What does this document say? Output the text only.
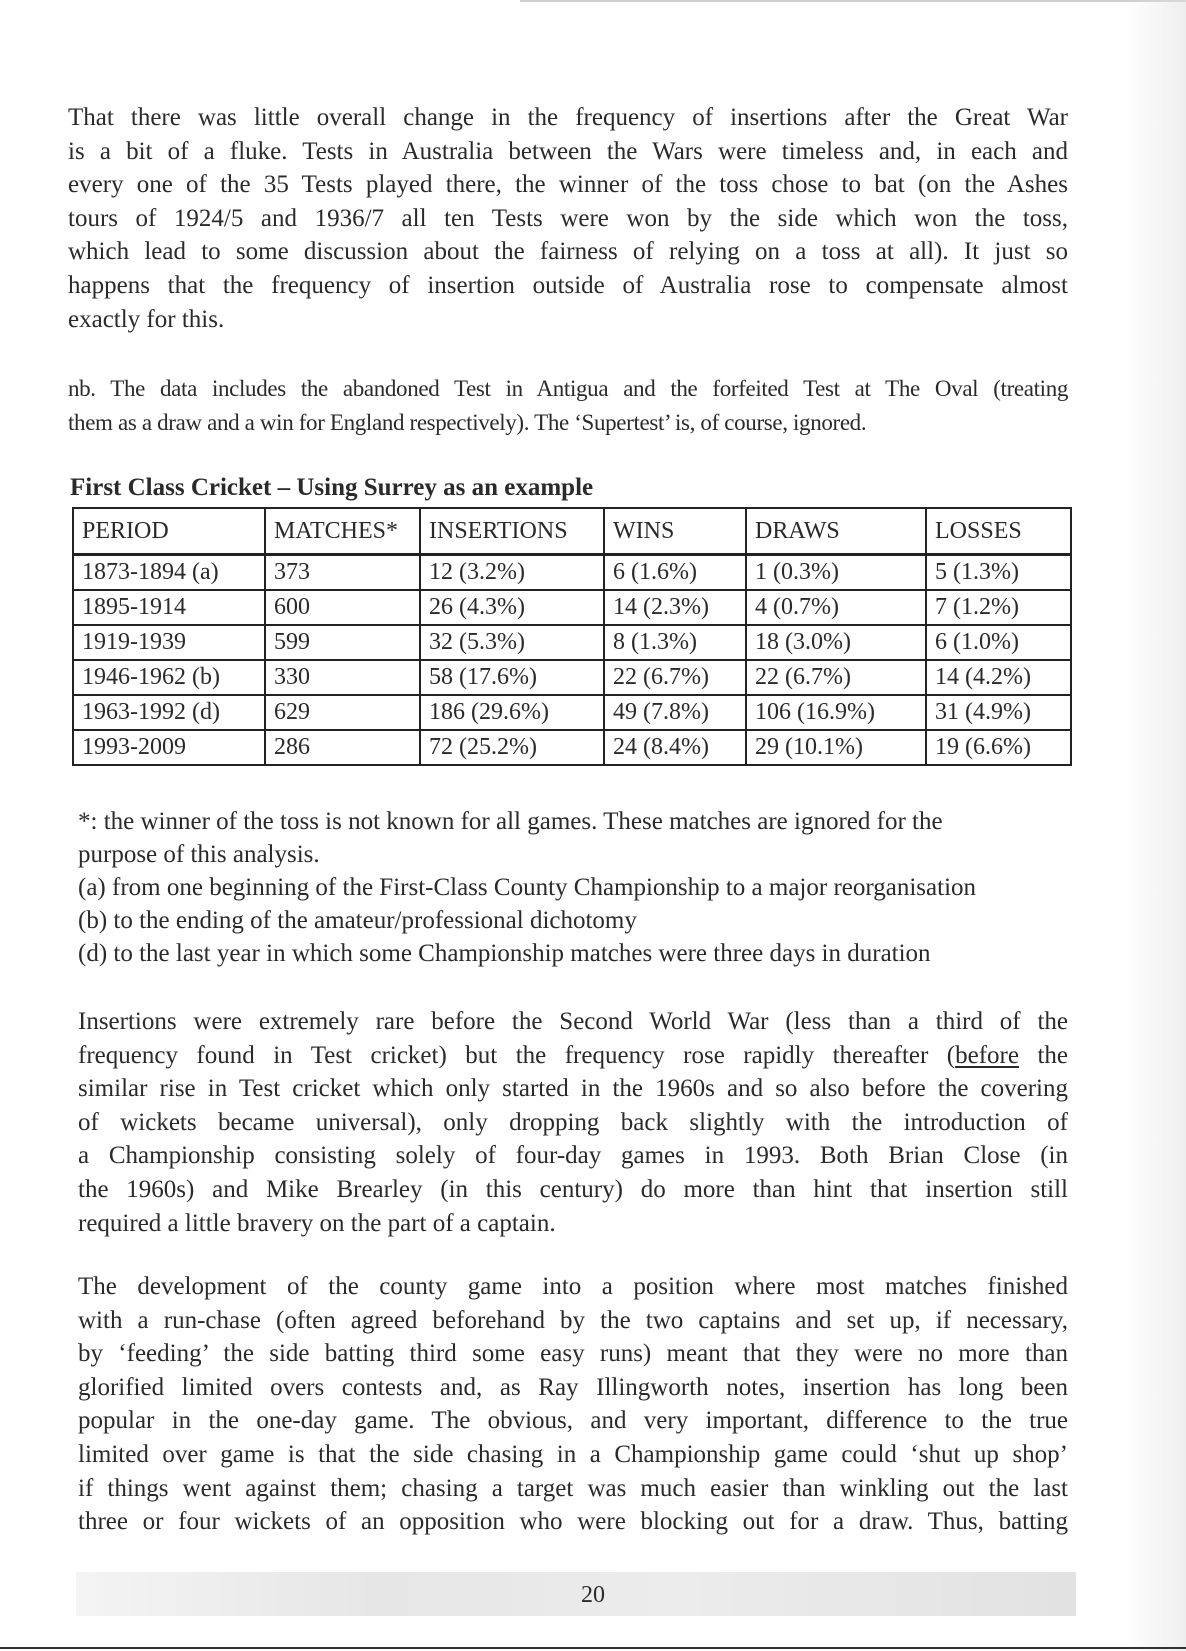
That there was little overall change in the frequency of insertions after the Great War
is a bit of a fluke. Tests in Australia between the Wars were timeless and, in each and
every one of the 35 Tests played there, the winner of the toss chose to bat (on the Ashes
tours of 1924/5 and 1936/7 all ten Tests were won by the side which won the toss,
which lead to some discussion about the fairness of relying on a toss at all). It just so
happens that the frequency of insertion outside of Australia rose to compensate almost
exactly for this.

nb. The data includes the abandoned Test in Antigua and the forfeited Test at The Oval (treating
them as a draw and a win for England respectively). The ‘Supertest’ is, of course, ignored.

First Class Cricket – Using Surrey as an example
PERIOD	MATCHES*	INSERTIONS	WINS	DRAWS	LOSSES
1873-1894 (a)	373	12 (3.2%)	6 (1.6%)	1 (0.3%)	5 (1.3%)
1895-1914	600	26 (4.3%)	14 (2.3%)	4 (0.7%)	7 (1.2%)
1919-1939	599	32 (5.3%)	8 (1.3%)	18 (3.0%)	6 (1.0%)
1946-1962 (b)	330	58 (17.6%)	22 (6.7%)	22 (6.7%)	14 (4.2%)
1963-1992 (d)	629	186 (29.6%)	49 (7.8%)	106 (16.9%)	31 (4.9%)
1993-2009	286	72 (25.2%)	24 (8.4%)	29 (10.1%)	19 (6.6%)
*: the winner of the toss is not known for all games. These matches are ignored for the
purpose of this analysis.
(a) from one beginning of the First-Class County Championship to a major reorganisation
(b) to the ending of the amateur/professional dichotomy
(d) to the last year in which some Championship matches were three days in duration

Insertions were extremely rare before the Second World War (less than a third of the
frequency found in Test cricket) but the frequency rose rapidly thereafter (before the
similar rise in Test cricket which only started in the 1960s and so also before the covering
of wickets became universal), only dropping back slightly with the introduction of
a Championship consisting solely of four-day games in 1993. Both Brian Close (in
the 1960s) and Mike Brearley (in this century) do more than hint that insertion still
required a little bravery on the part of a captain.

The development of the county game into a position where most matches finished
with a run-chase (often agreed beforehand by the two captains and set up, if necessary,
by ‘feeding’ the side batting third some easy runs) meant that they were no more than
glorified limited overs contests and, as Ray Illingworth notes, insertion has long been
popular in the one-day game. The obvious, and very important, difference to the true
limited over game is that the side chasing in a Championship game could ‘shut up shop’
if things went against them; chasing a target was much easier than winkling out the last
three or four wickets of an opposition who were blocking out for a draw. Thus, batting

20
